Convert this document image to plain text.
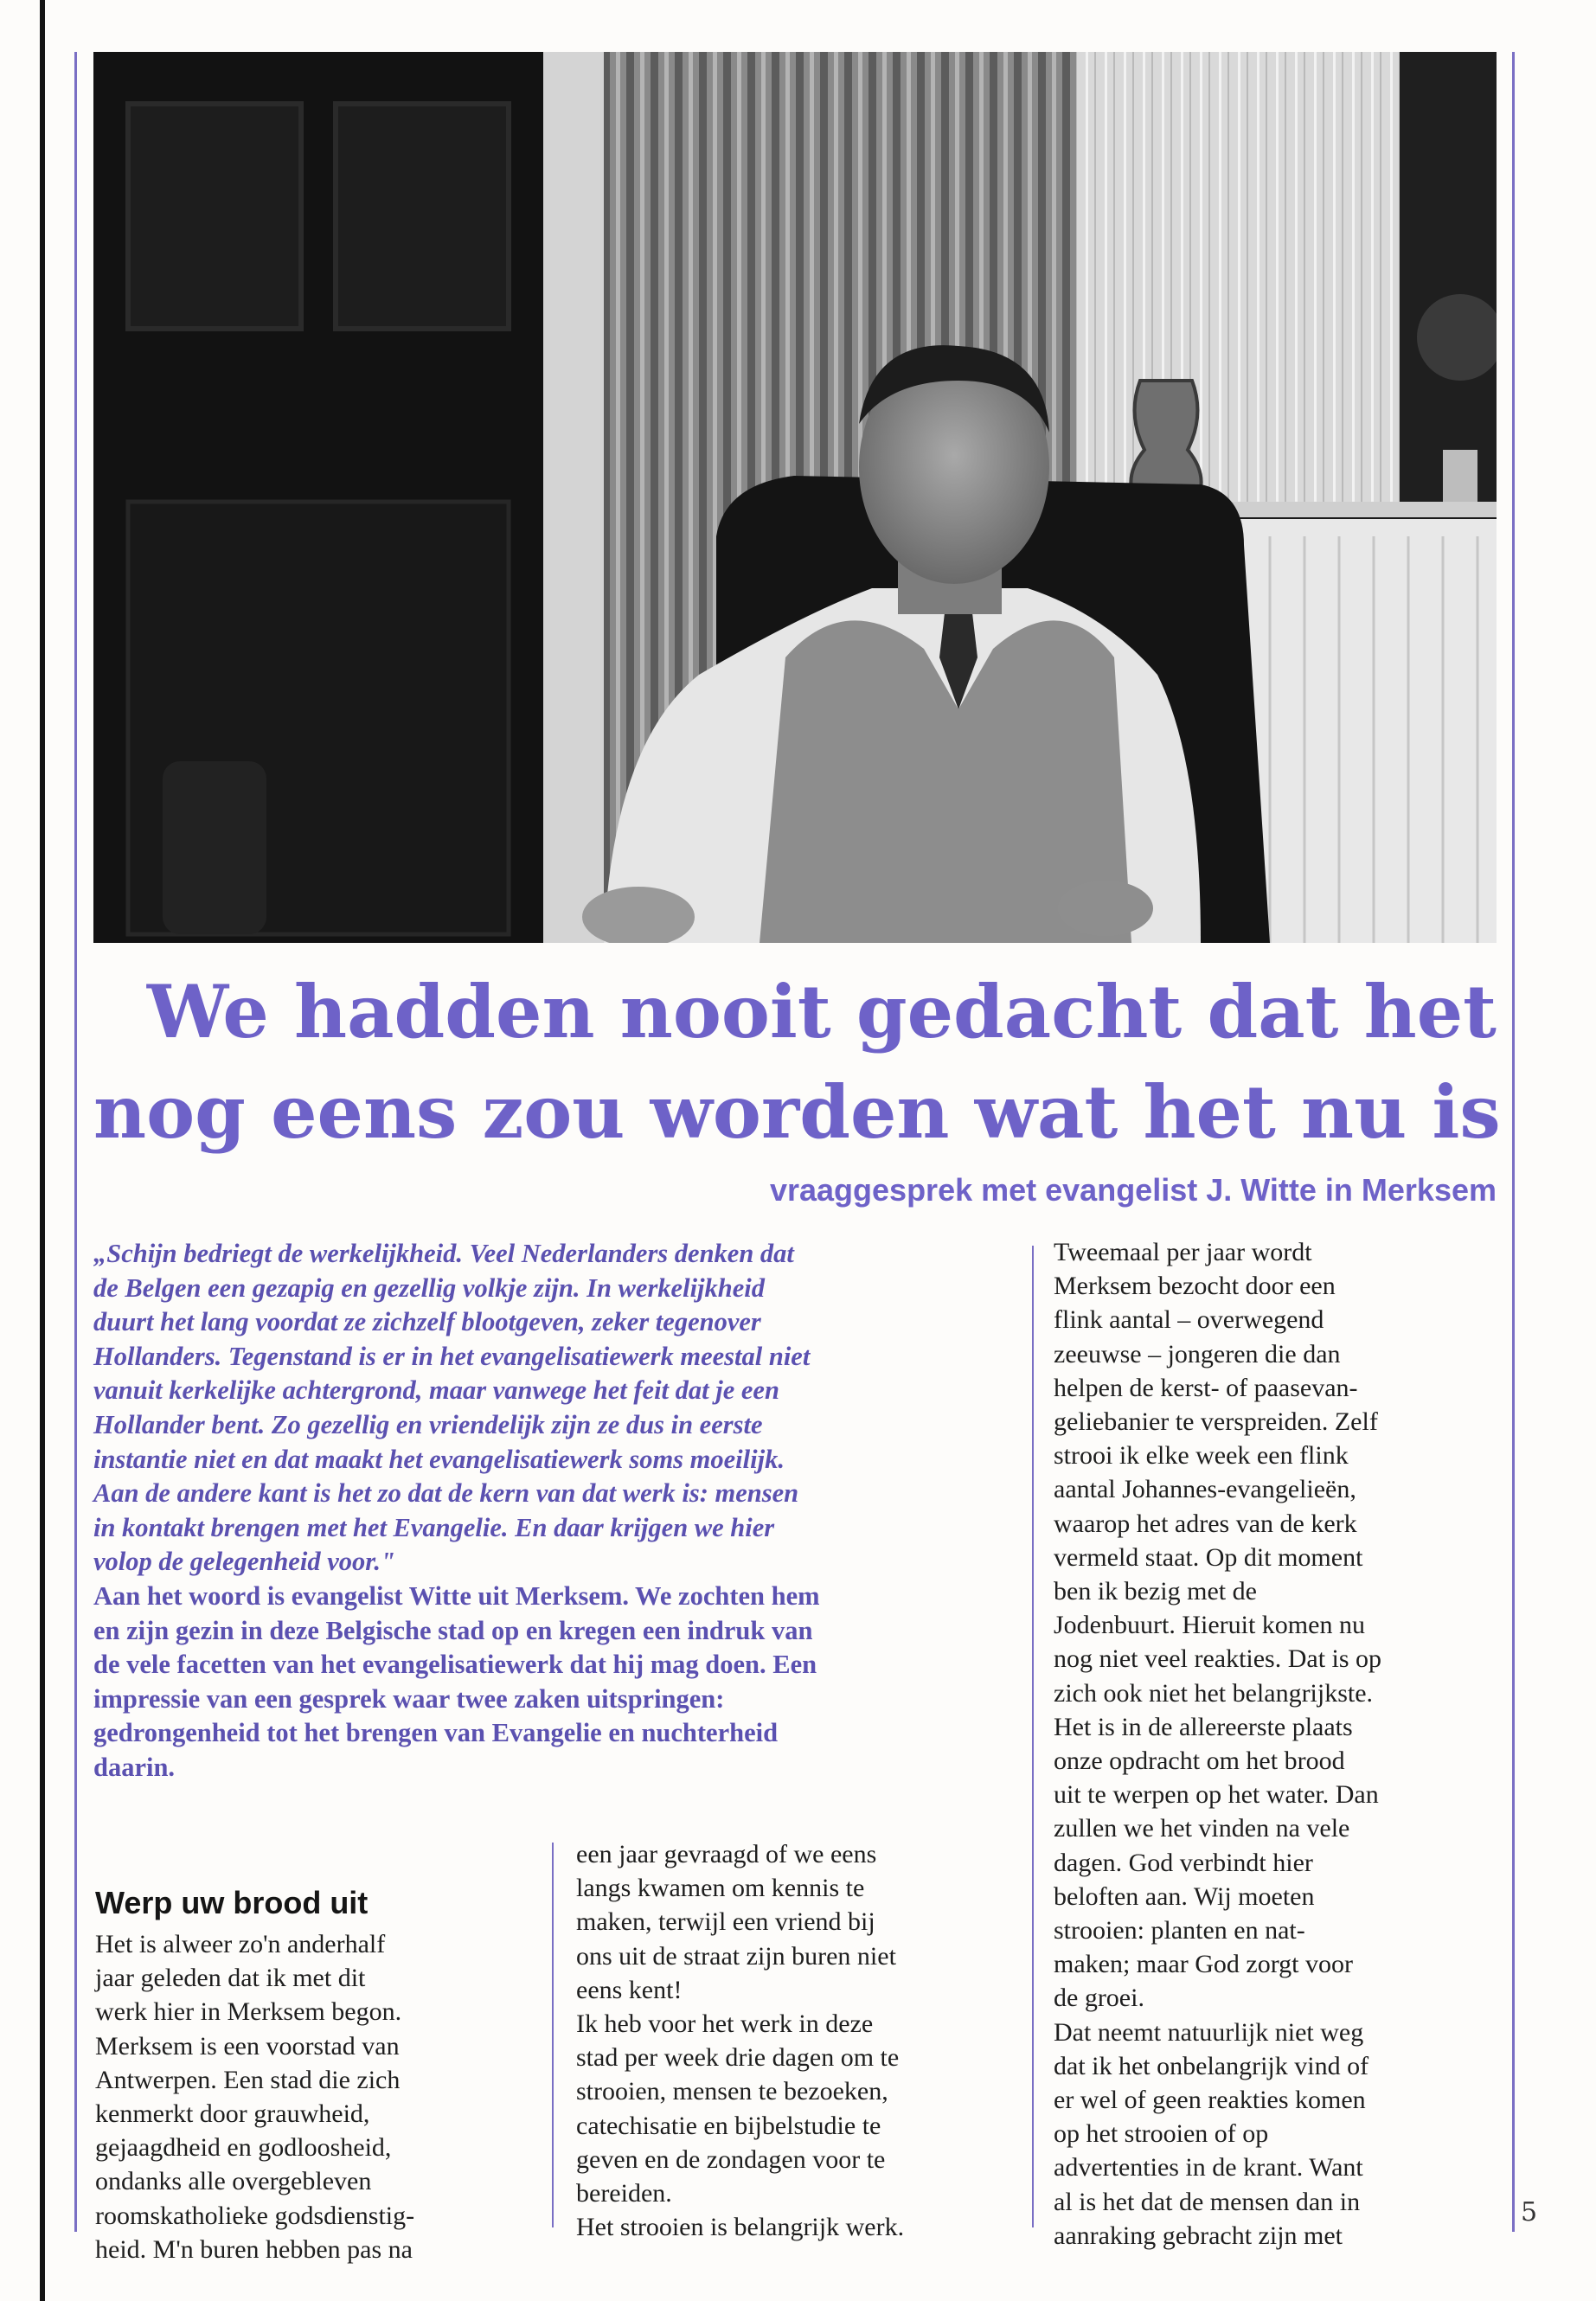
We hadden nooit gedacht dat het
nog eens zou worden wat het nu is
vraaggesprek met evangelist J. Witte in Merksem

„Schijn bedriegt de werkelijkheid. Veel Nederlanders denken dat
de Belgen een gezapig en gezellig volkje zijn. In werkelijkheid
duurt het lang voordat ze zichzelf blootgeven, zeker tegenover
Hollanders. Tegenstand is er in het evangelisatiewerk meestal niet
vanuit kerkelijke achtergrond, maar vanwege het feit dat je een
Hollander bent. Zo gezellig en vriendelijk zijn ze dus in eerste
instantie niet en dat maakt het evangelisatiewerk soms moeilijk.
Aan de andere kant is het zo dat de kern van dat werk is: mensen
in kontakt brengen met het Evangelie. En daar krijgen we hier
volop de gelegenheid voor."

Aan het woord is evangelist Witte uit Merksem. We zochten hem
en zijn gezin in deze Belgische stad op en kregen een indruk van
de vele facetten van het evangelisatiewerk dat hij mag doen. Een
impressie van een gesprek waar twee zaken uitspringen:
gedrongenheid tot het brengen van Evangelie en nuchterheid
daarin.

Werp uw brood uit

Het is alweer zo'n anderhalf
jaar geleden dat ik met dit
werk hier in Merksem begon.
Merksem is een voorstad van
Antwerpen. Een stad die zich
kenmerkt door grauwheid,
gejaagdheid en godloosheid,
ondanks alle overgebleven
roomskatholieke godsdienstig-
heid. M'n buren hebben pas na

een jaar gevraagd of we eens
langs kwamen om kennis te
maken, terwijl een vriend bij
ons uit de straat zijn buren niet
eens kent!
Ik heb voor het werk in deze
stad per week drie dagen om te
strooien, mensen te bezoeken,
catechisatie en bijbelstudie te
geven en de zondagen voor te
bereiden.
Het strooien is belangrijk werk.

Tweemaal per jaar wordt
Merksem bezocht door een
flink aantal – overwegend
zeeuwse – jongeren die dan
helpen de kerst- of paasevan-
geliebanier te verspreiden. Zelf
strooi ik elke week een flink
aantal Johannes-evangelieën,
waarop het adres van de kerk
vermeld staat. Op dit moment
ben ik bezig met de
Jodenbuurt. Hieruit komen nu
nog niet veel reakties. Dat is op
zich ook niet het belangrijkste.
Het is in de allereerste plaats
onze opdracht om het brood
uit te werpen op het water. Dan
zullen we het vinden na vele
dagen. God verbindt hier
beloften aan. Wij moeten
strooien: planten en nat-
maken; maar God zorgt voor
de groei.
Dat neemt natuurlijk niet weg
dat ik het onbelangrijk vind of
er wel of geen reakties komen
op het strooien of op
advertenties in de krant. Want
al is het dat de mensen dan in
aanraking gebracht zijn met

5
